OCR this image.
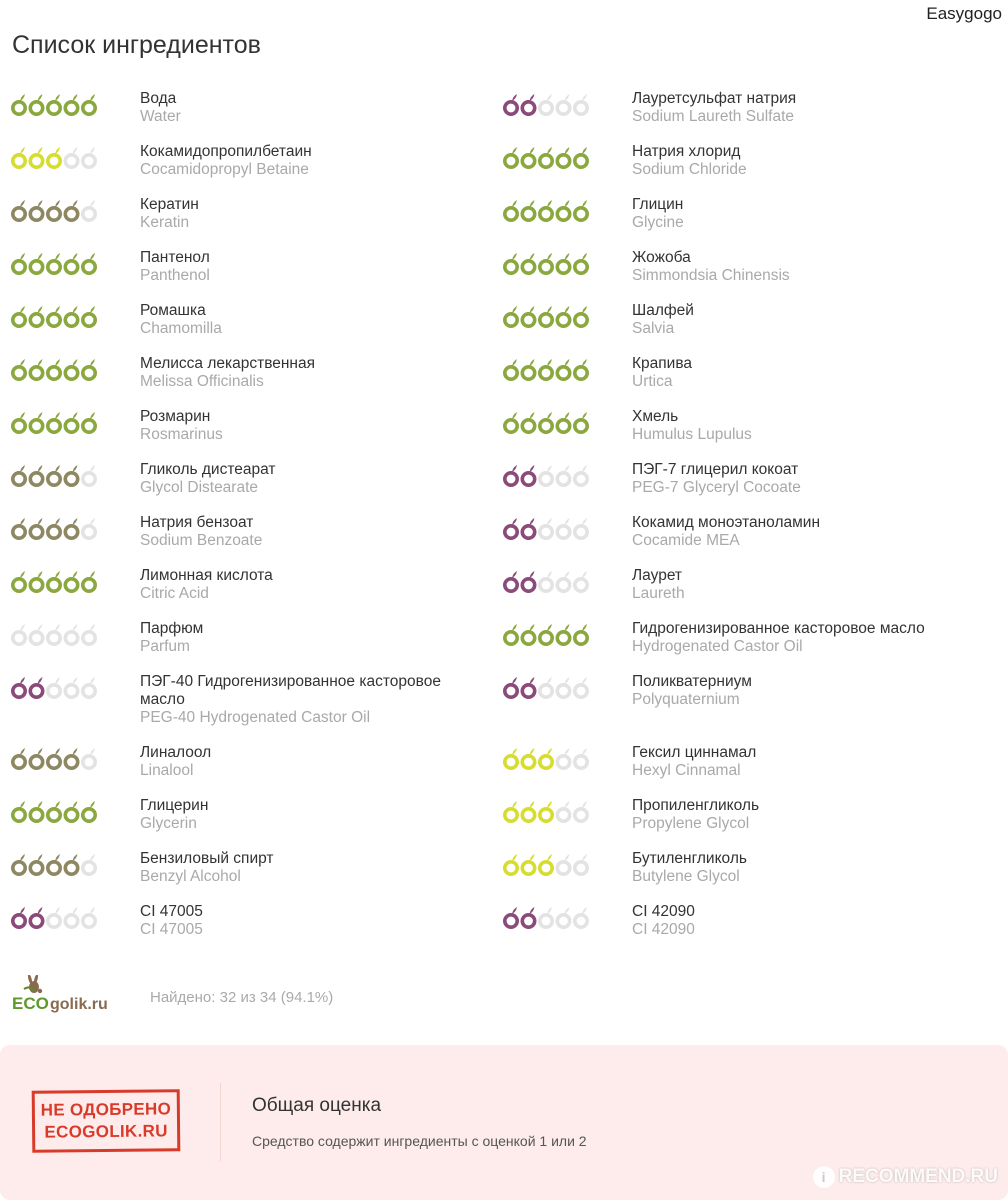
Easygogo
Список ингредиентов
Вода
Water
Кокамидопропилбетаин
Cocamidopropyl Betaine
Кератин
Keratin
Пантенол
Panthenol
Ромашка
Chamomilla
Мелисса лекарственная
Melissa Officinalis
Розмарин
Rosmarinus
Гликоль дистеарат
Glycol Distearate
Натрия бензоат
Sodium Benzoate
Лимонная кислота
Citric Acid
Парфюм
Parfum
ПЭГ-40 Гидрогенизированное касторовое масло
PEG-40 Hydrogenated Castor Oil
Линалоол
Linalool
Глицерин
Glycerin
Бензиловый спирт
Benzyl Alcohol
CI 47005
CI 47005
Лауретсульфат натрия
Sodium Laureth Sulfate
Натрия хлорид
Sodium Chloride
Глицин
Glycine
Жожоба
Simmondsia Chinensis
Шалфей
Salvia
Крапива
Urtica
Хмель
Humulus Lupulus
ПЭГ-7 глицерил кокоат
PEG-7 Glyceryl Cocoate
Кокамид моноэтаноламин
Cocamide MEA
Лаурет
Laureth
Гидрогенизированное касторовое масло
Hydrogenated Castor Oil
Поликватерниум
Polyquaternium
Гексил циннамал
Hexyl Cinnamal
Пропиленгликоль
Propylene Glycol
Бутиленгликоль
Butylene Glycol
CI 42090
CI 42090
ECO golik.ru	Найдено: 32 из 34 (94.1%)
НЕ ОДОБРЕНО
ECOGOLIK.RU
Общая оценка
Средство содержит ингредиенты с оценкой 1 или 2
i RECOMMEND.RU
